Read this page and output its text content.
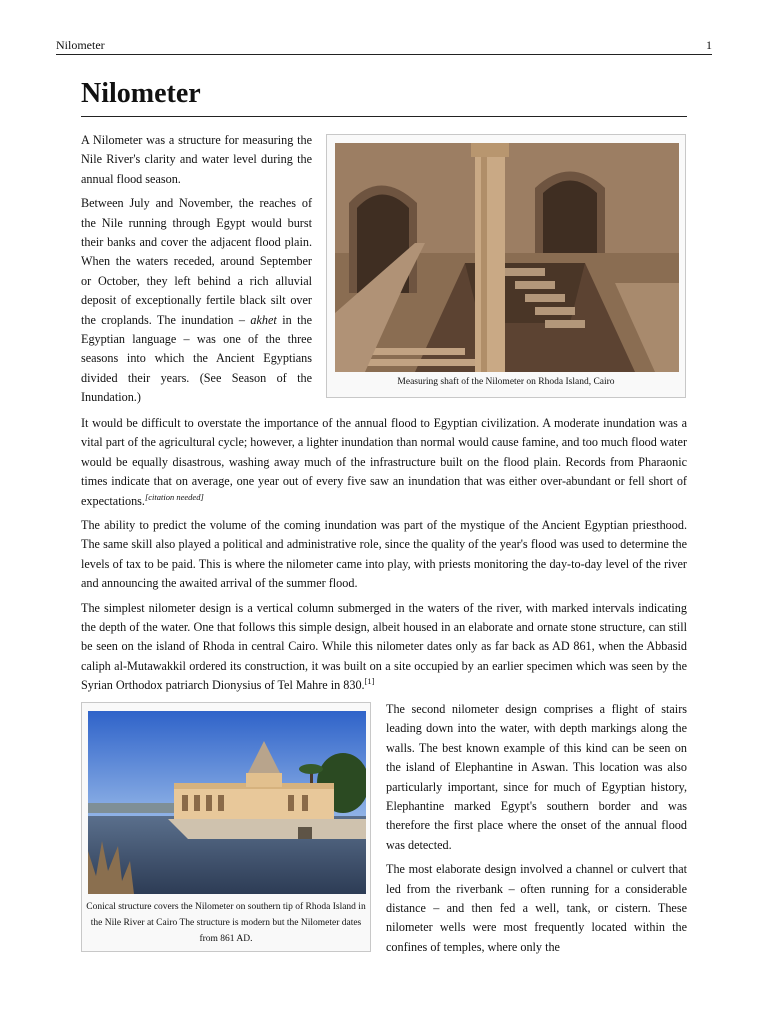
Nilometer	1
Nilometer

A Nilometer was a structure for measuring the Nile River's clarity and water level during the annual flood season.

Between July and November, the reaches of the Nile running through Egypt would burst their banks and cover the adjacent flood plain. When the waters receded, around September or October, they left behind a rich alluvial deposit of exceptionally fertile black silt over the croplands. The inundation – akhet in the Egyptian language – was one of the three seasons into which the Ancient Egyptians divided their years. (See Season of the Inundation.)

Measuring shaft of the Nilometer on Rhoda Island, Cairo

It would be difficult to overstate the importance of the annual flood to Egyptian civilization. A moderate inundation was a vital part of the agricultural cycle; however, a lighter inundation than normal would cause famine, and too much flood water would be equally disastrous, washing away much of the infrastructure built on the flood plain. Records from Pharaonic times indicate that on average, one year out of every five saw an inundation that was either over-abundant or fell short of expectations.[citation needed]

The ability to predict the volume of the coming inundation was part of the mystique of the Ancient Egyptian priesthood. The same skill also played a political and administrative role, since the quality of the year's flood was used to determine the levels of tax to be paid. This is where the nilometer came into play, with priests monitoring the day-to-day level of the river and announcing the awaited arrival of the summer flood.

The simplest nilometer design is a vertical column submerged in the waters of the river, with marked intervals indicating the depth of the water. One that follows this simple design, albeit housed in an elaborate and ornate stone structure, can still be seen on the island of Rhoda in central Cairo. While this nilometer dates only as far back as AD 861, when the Abbasid caliph al-Mutawakkil ordered its construction, it was built on a site occupied by an earlier specimen which was seen by the Syrian Orthodox patriarch Dionysius of Tel Mahre in 830.[1]

Conical structure covers the Nilometer on southern tip of Rhoda Island in the Nile River at Cairo The structure is modern but the Nilometer dates from 861 AD.

The second nilometer design comprises a flight of stairs leading down into the water, with depth markings along the walls. The best known example of this kind can be seen on the island of Elephantine in Aswan. This location was also particularly important, since for much of Egyptian history, Elephantine marked Egypt's southern border and was therefore the first place where the onset of the annual flood was detected.

The most elaborate design involved a channel or culvert that led from the riverbank – often running for a considerable distance – and then fed a well, tank, or cistern. These nilometer wells were most frequently located within the confines of temples, where only the
